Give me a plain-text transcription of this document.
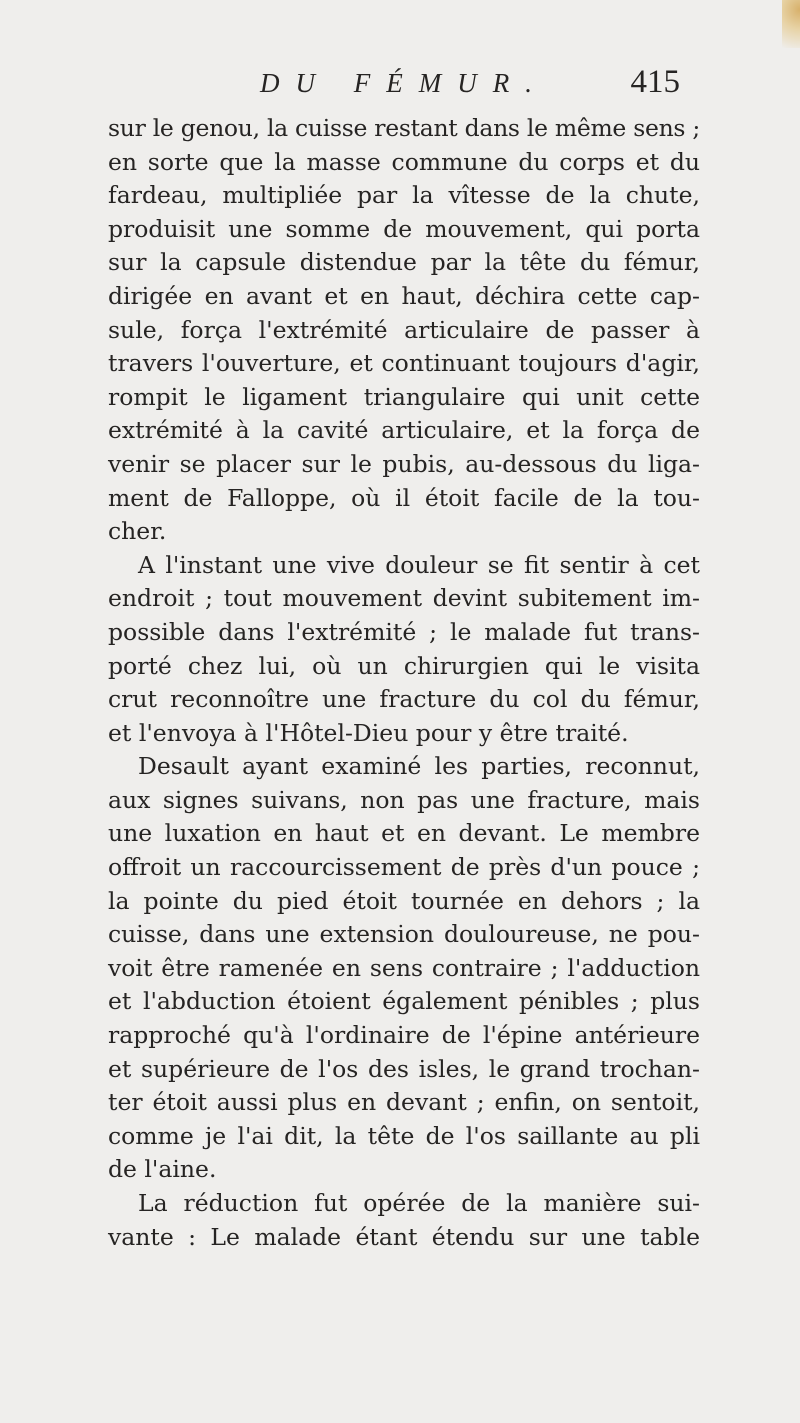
DU FÉMUR.	415
sur le genou, la cuisse restant dans le même sens ;
en sorte que la masse commune du corps et du
fardeau, multipliée par la vîtesse de la chute,
produisit une somme de mouvement, qui porta
sur la capsule distendue par la tête du fémur,
dirigée en avant et en haut, déchira cette cap-
sule, força l'extrémité articulaire de passer à
travers l'ouverture, et continuant toujours d'agir,
rompit le ligament triangulaire qui unit cette
extrémité à la cavité articulaire, et la força de
venir se placer sur le pubis, au-dessous du liga-
ment de Falloppe, où il étoit facile de la tou-
cher.
A l'instant une vive douleur se fit sentir à cet
endroit ; tout mouvement devint subitement im-
possible dans l'extrémité ; le malade fut trans-
porté chez lui, où un chirurgien qui le visita
crut reconnoître une fracture du col du fémur,
et l'envoya à l'Hôtel-Dieu pour y être traité.
Desault ayant examiné les parties, reconnut,
aux signes suivans, non pas une fracture, mais
une luxation en haut et en devant. Le membre
offroit un raccourcissement de près d'un pouce ;
la pointe du pied étoit tournée en dehors ; la
cuisse, dans une extension douloureuse, ne pou-
voit être ramenée en sens contraire ; l'adduction
et l'abduction étoient également pénibles ; plus
rapproché qu'à l'ordinaire de l'épine antérieure
et supérieure de l'os des isles, le grand trochan-
ter étoit aussi plus en devant ; enfin, on sentoit,
comme je l'ai dit, la tête de l'os saillante au pli
de l'aine.
La réduction fut opérée de la manière sui-
vante : Le malade étant étendu sur une table
